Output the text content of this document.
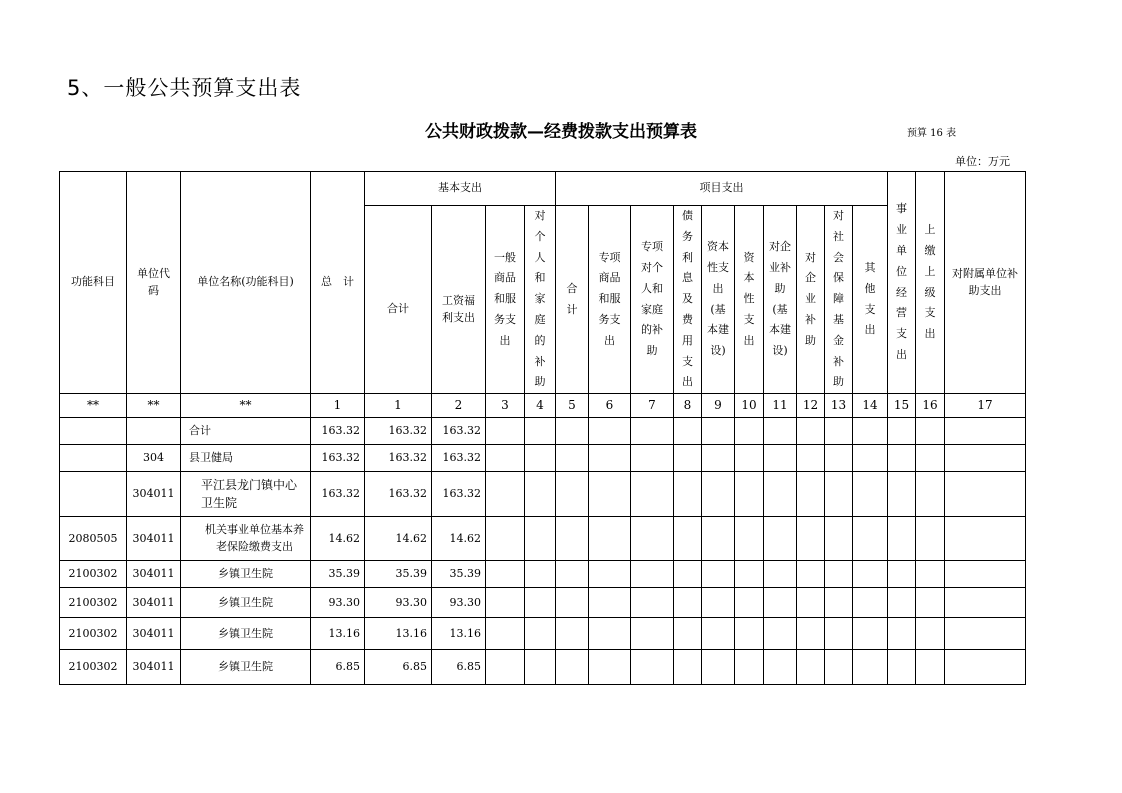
5、一般公共预算支出表
公共财政拨款—经费拨款支出预算表	预算 16 表
单位：万元
功能科目	单位代码	单位名称(功能科目)	总　计	基本支出				项目支出										事业单位经营支出	上缴上级支出	对附属单位补助支出
				合计	工资福利支出	一般商品和服务支出	对个人和家庭的补助	合计	专项商品和服务支出	专项对个人和家庭的补助	债务利息及费用支出	资本性支出(基本建设)	资本性支出	对企业补助(基本建设)	对企业补助	对社会保障基金补助	其他支出			
**	**	**	1	1	2	3	4	5	6	7	8	9	10	11	12	13	14	15	16	17
		合计	163.32	163.32	163.32															
	304	县卫健局	163.32	163.32	163.32															
	304011	平江县龙门镇中心卫生院	163.32	163.32	163.32															
2080505	304011	机关事业单位基本养老保险缴费支出	14.62	14.62	14.62															
2100302	304011	乡镇卫生院	35.39	35.39	35.39															
2100302	304011	乡镇卫生院	93.30	93.30	93.30															
2100302	304011	乡镇卫生院	13.16	13.16	13.16															
2100302	304011	乡镇卫生院	6.85	6.85	6.85															
